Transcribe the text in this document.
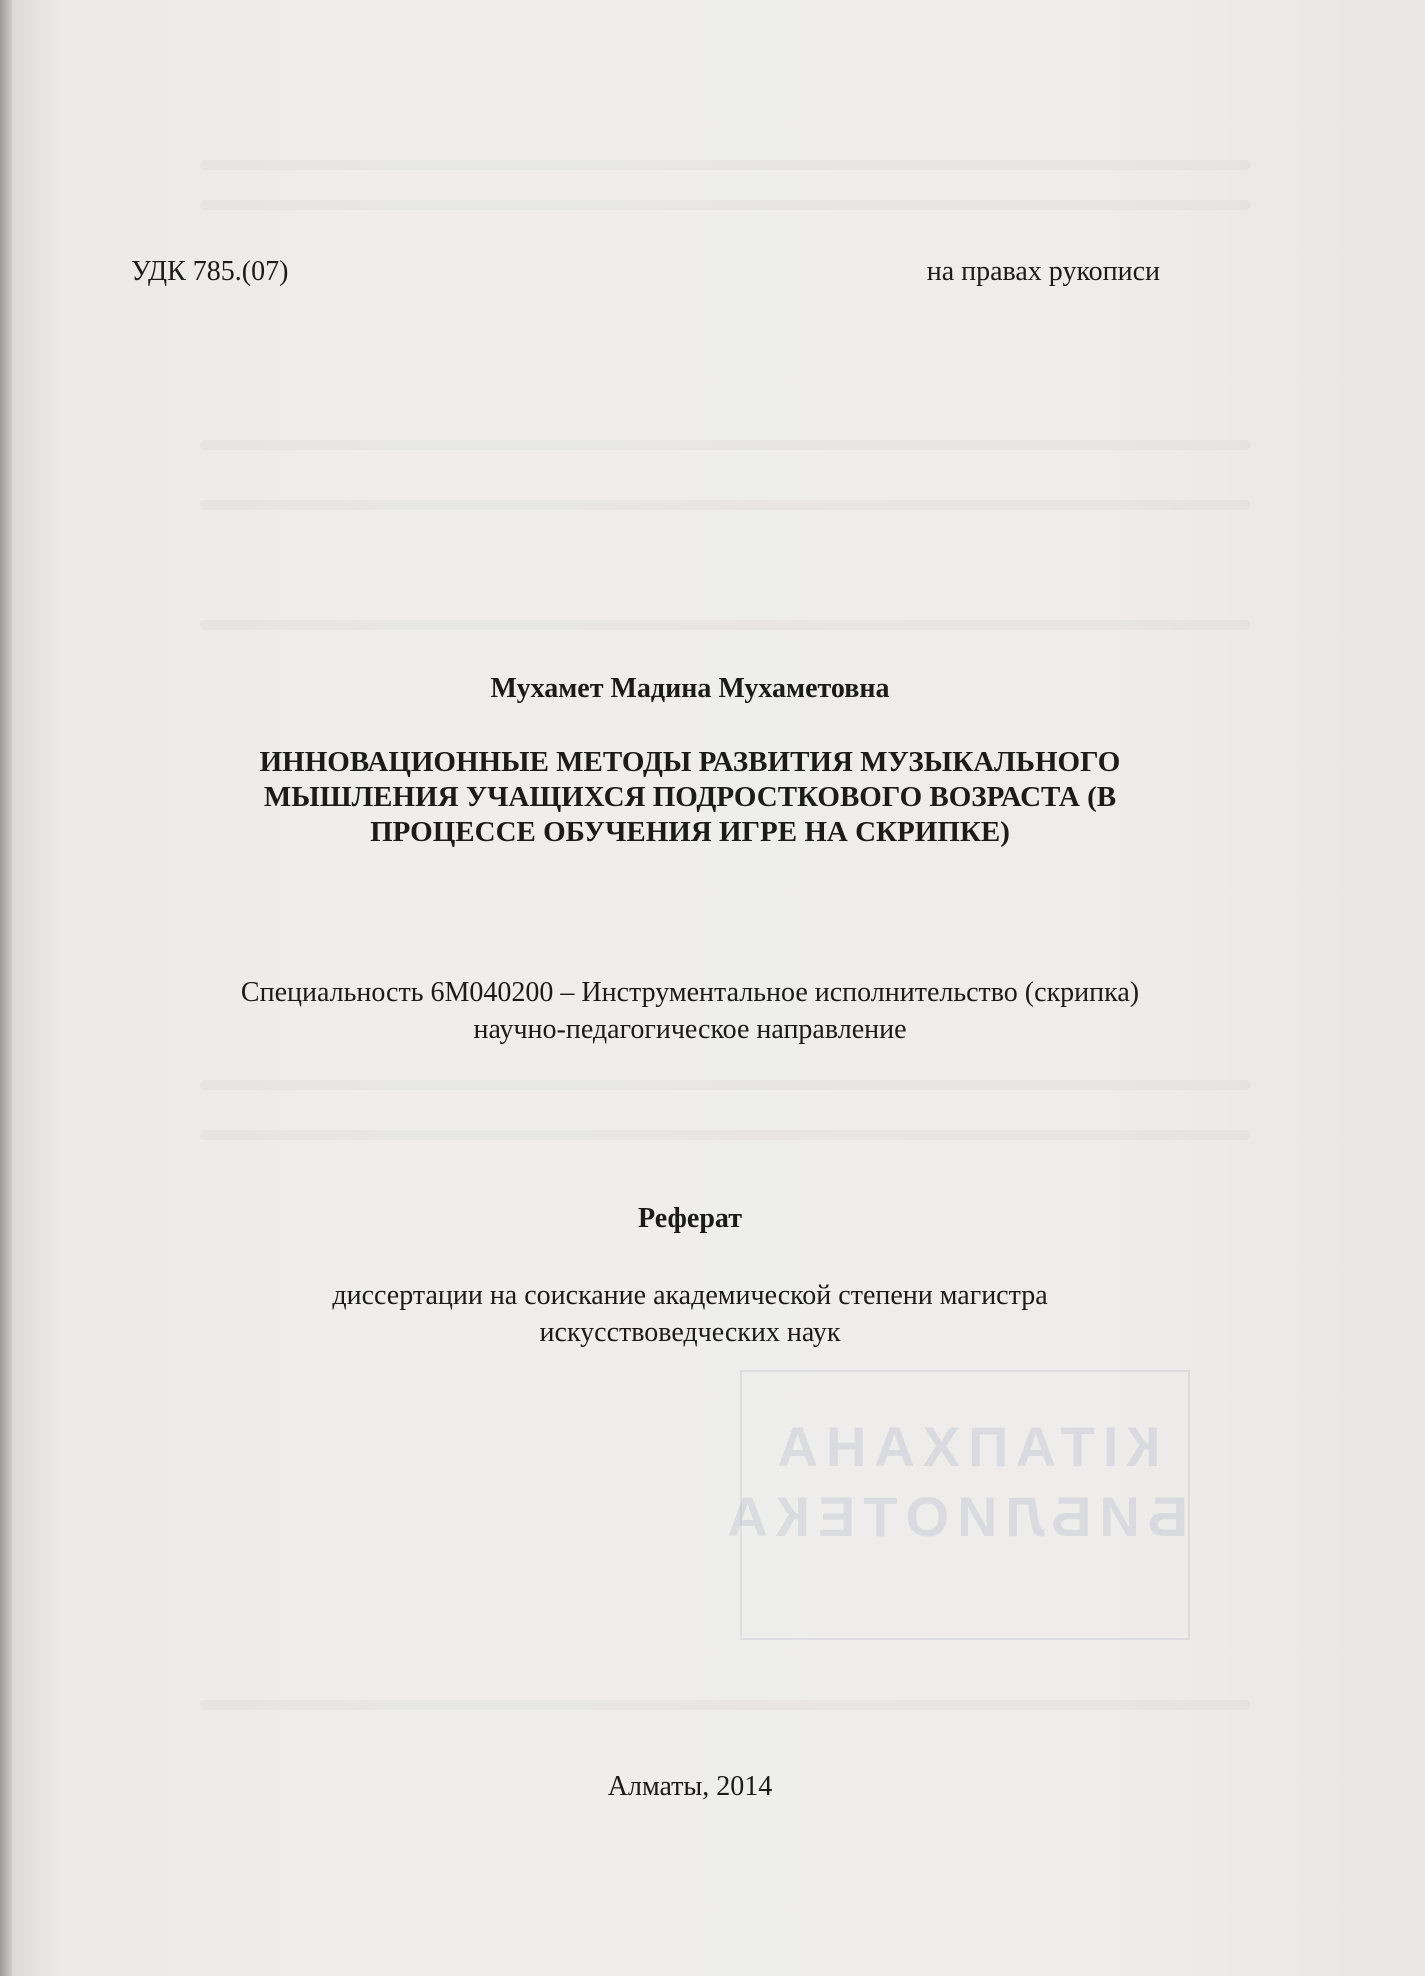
КІТАПХАНА
БИБЛИОТЕКА

УДК 785.(07)	на правах рукописи

Мухамет Мадина Мухаметовна

ИННОВАЦИОННЫЕ МЕТОДЫ РАЗВИТИЯ МУЗЫКАЛЬНОГО
МЫШЛЕНИЯ УЧАЩИХСЯ ПОДРОСТКОВОГО ВОЗРАСТА (В
ПРОЦЕССЕ ОБУЧЕНИЯ ИГРЕ НА СКРИПКЕ)
Специальность 6М040200 – Инструментальное исполнительство (скрипка)
научно-педагогическое направление

Реферат

диссертации на соискание академической степени магистра
искусствоведческих наук

Алматы, 2014
